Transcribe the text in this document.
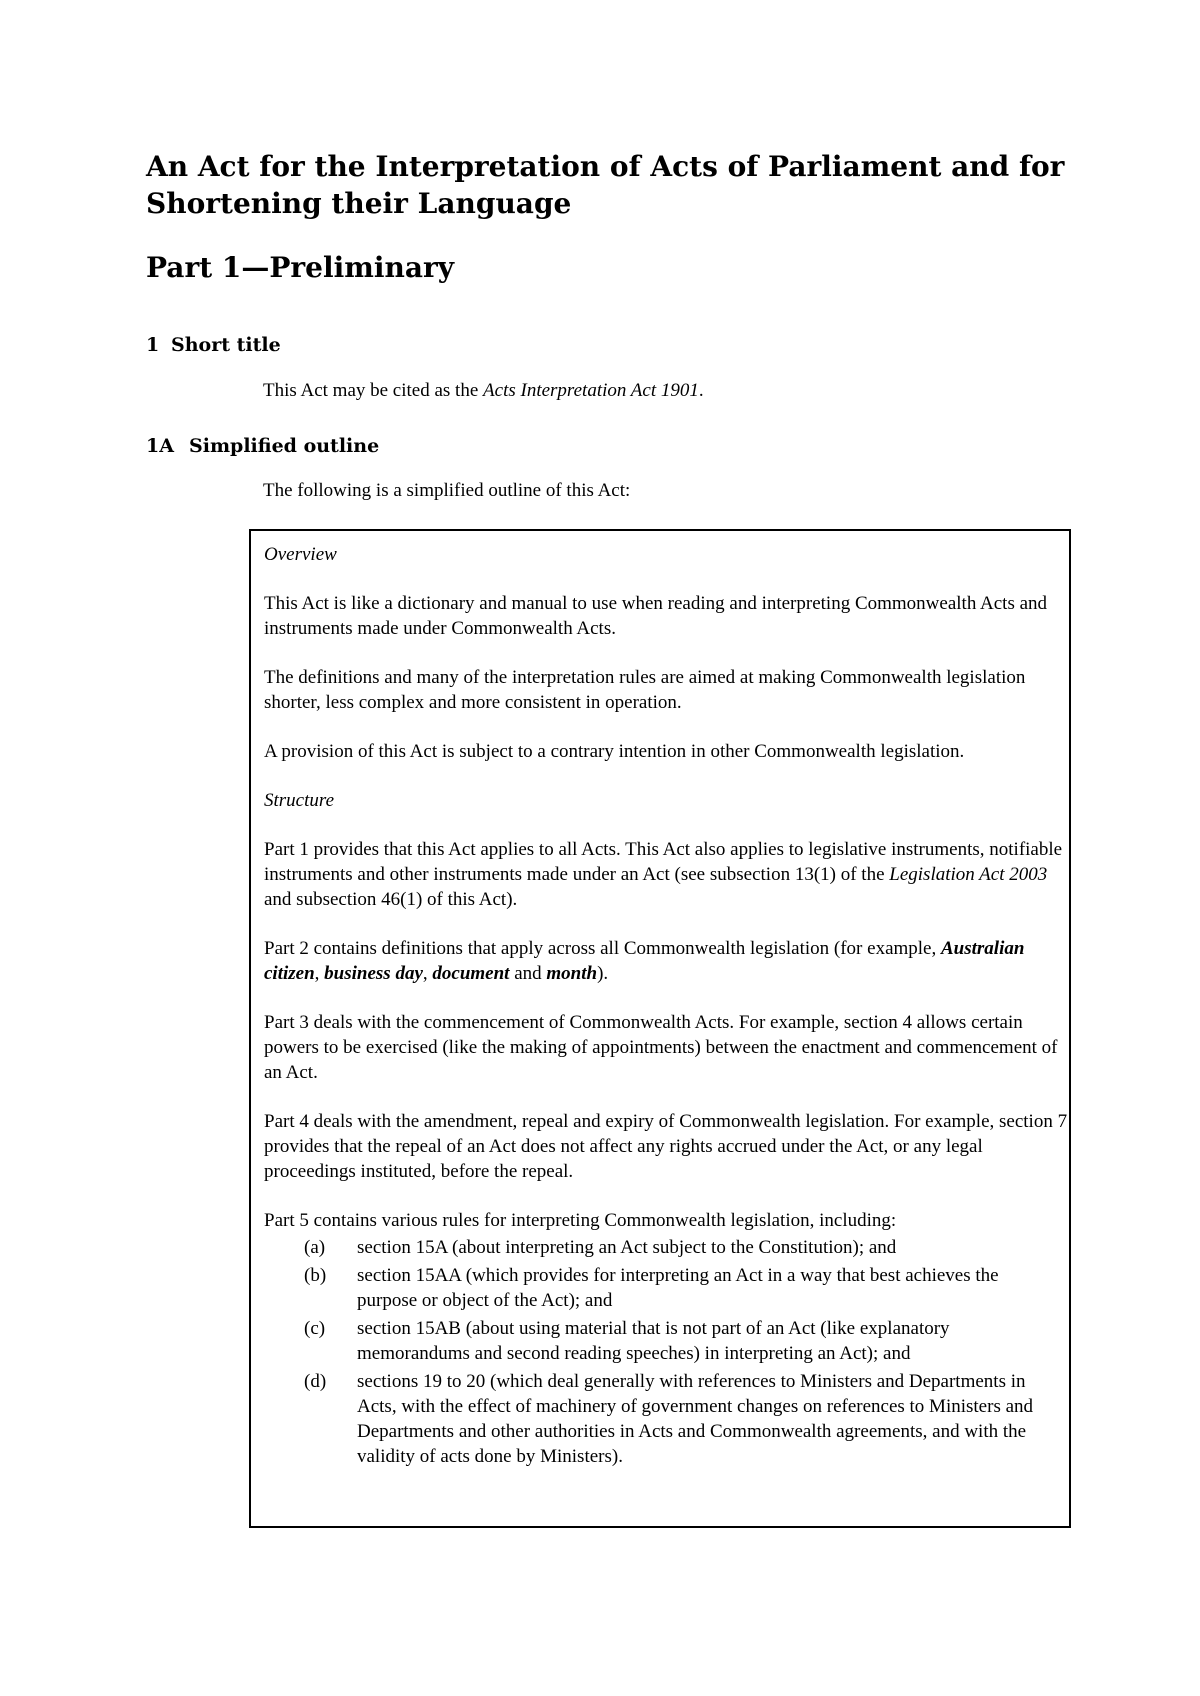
An Act for the Interpretation of Acts of Parliament and for Shortening their Language
Part 1—Preliminary
1 Short title

This Act may be cited as the Acts Interpretation Act 1901.

1A Simplified outline

The following is a simplified outline of this Act:

Overview

This Act is like a dictionary and manual to use when reading and interpreting Commonwealth Acts and instruments made under Commonwealth Acts.

The definitions and many of the interpretation rules are aimed at making Commonwealth legislation shorter, less complex and more consistent in operation.

A provision of this Act is subject to a contrary intention in other Commonwealth legislation.

Structure

Part 1 provides that this Act applies to all Acts. This Act also applies to legislative instruments, notifiable instruments and other instruments made under an Act (see subsection 13(1) of the Legislation Act 2003 and subsection 46(1) of this Act).

Part 2 contains definitions that apply across all Commonwealth legislation (for example, Australian citizen, business day, document and month).

Part 3 deals with the commencement of Commonwealth Acts. For example, section 4 allows certain powers to be exercised (like the making of appointments) between the enactment and commencement of an Act.

Part 4 deals with the amendment, repeal and expiry of Commonwealth legislation. For example, section 7 provides that the repeal of an Act does not affect any rights accrued under the Act, or any legal proceedings instituted, before the repeal.

Part 5 contains various rules for interpreting Commonwealth legislation, including:

(a)	section 15A (about interpreting an Act subject to the Constitution); and
(b)	section 15AA (which provides for interpreting an Act in a way that best achieves the purpose or object of the Act); and
(c)	section 15AB (about using material that is not part of an Act (like explanatory memorandums and second reading speeches) in interpreting an Act); and
(d)	sections 19 to 20 (which deal generally with references to Ministers and Departments in Acts, with the effect of machinery of government changes on references to Ministers and Departments and other authorities in Acts and Commonwealth agreements, and with the validity of acts done by Ministers).
